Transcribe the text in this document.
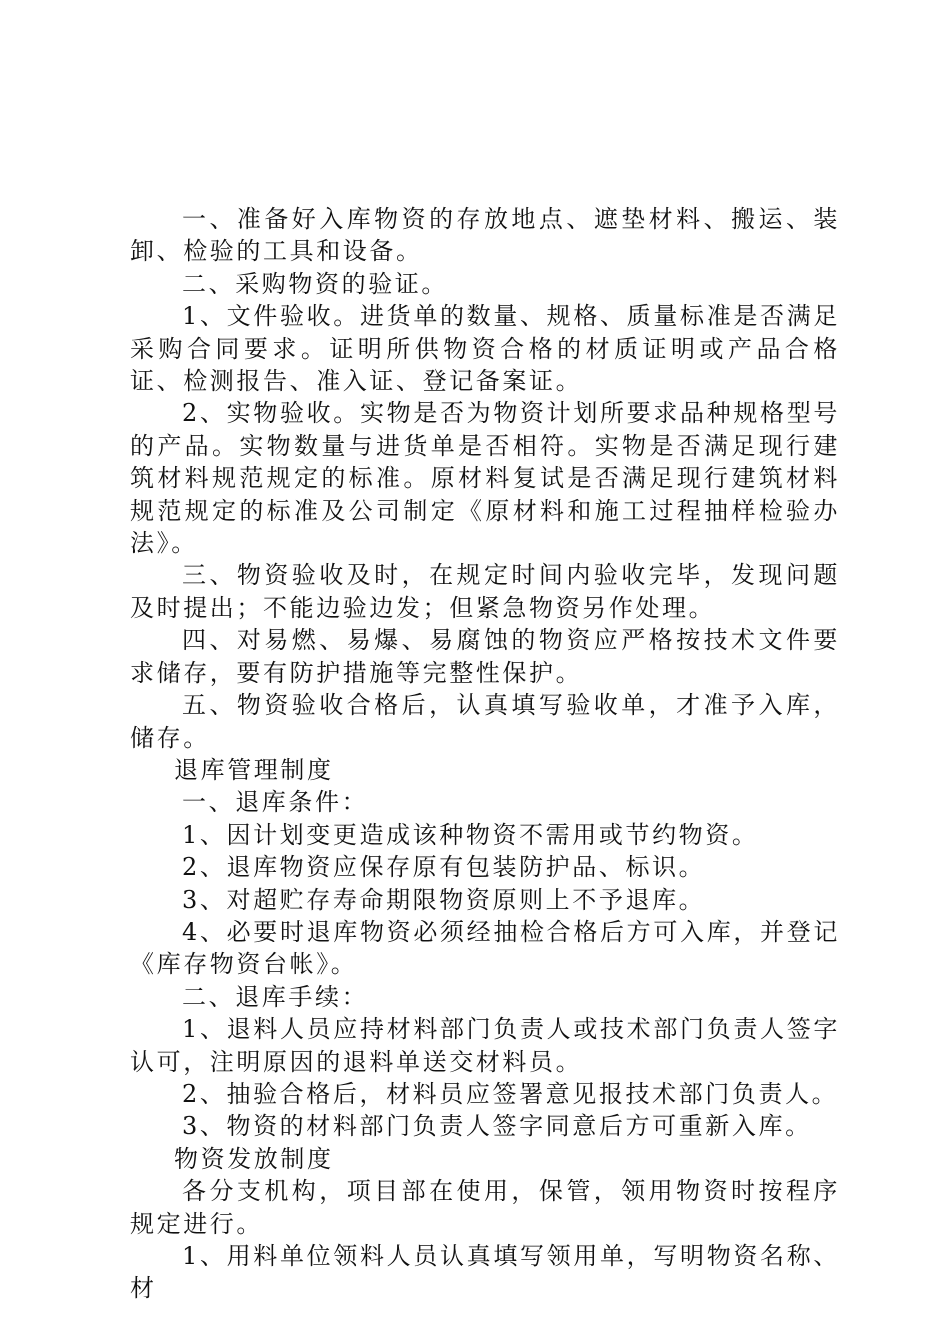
一、准备好入库物资的存放地点、遮垫材料、搬运、装卸、检验的工具和设备。

二、采购物资的验证。

1、文件验收。进货单的数量、规格、质量标准是否满足采购合同要求。证明所供物资合格的材质证明或产品合格证、检测报告、准入证、登记备案证。

2、实物验收。实物是否为物资计划所要求品种规格型号的产品。实物数量与进货单是否相符。实物是否满足现行建筑材料规范规定的标准。原材料复试是否满足现行建筑材料规范规定的标准及公司制定《原材料和施工过程抽样检验办法》。

三、物资验收及时，在规定时间内验收完毕，发现问题及时提出；不能边验边发；但紧急物资另作处理。

四、对易燃、易爆、易腐蚀的物资应严格按技术文件要求储存，要有防护措施等完整性保护。

五、物资验收合格后，认真填写验收单，才准予入库，储存。

退库管理制度

一、退库条件：

1、因计划变更造成该种物资不需用或节约物资。

2、退库物资应保存原有包装防护品、标识。

3、对超贮存寿命期限物资原则上不予退库。

4、必要时退库物资必须经抽检合格后方可入库，并登记《库存物资台帐》。

二、退库手续：

1、退料人员应持材料部门负责人或技术部门负责人签字认可，注明原因的退料单送交材料员。

2、抽验合格后，材料员应签署意见报技术部门负责人。

3、物资的材料部门负责人签字同意后方可重新入库。

物资发放制度

各分支机构，项目部在使用，保管，领用物资时按程序规定进行。

1、用料单位领料人员认真填写领用单，写明物资名称、材
